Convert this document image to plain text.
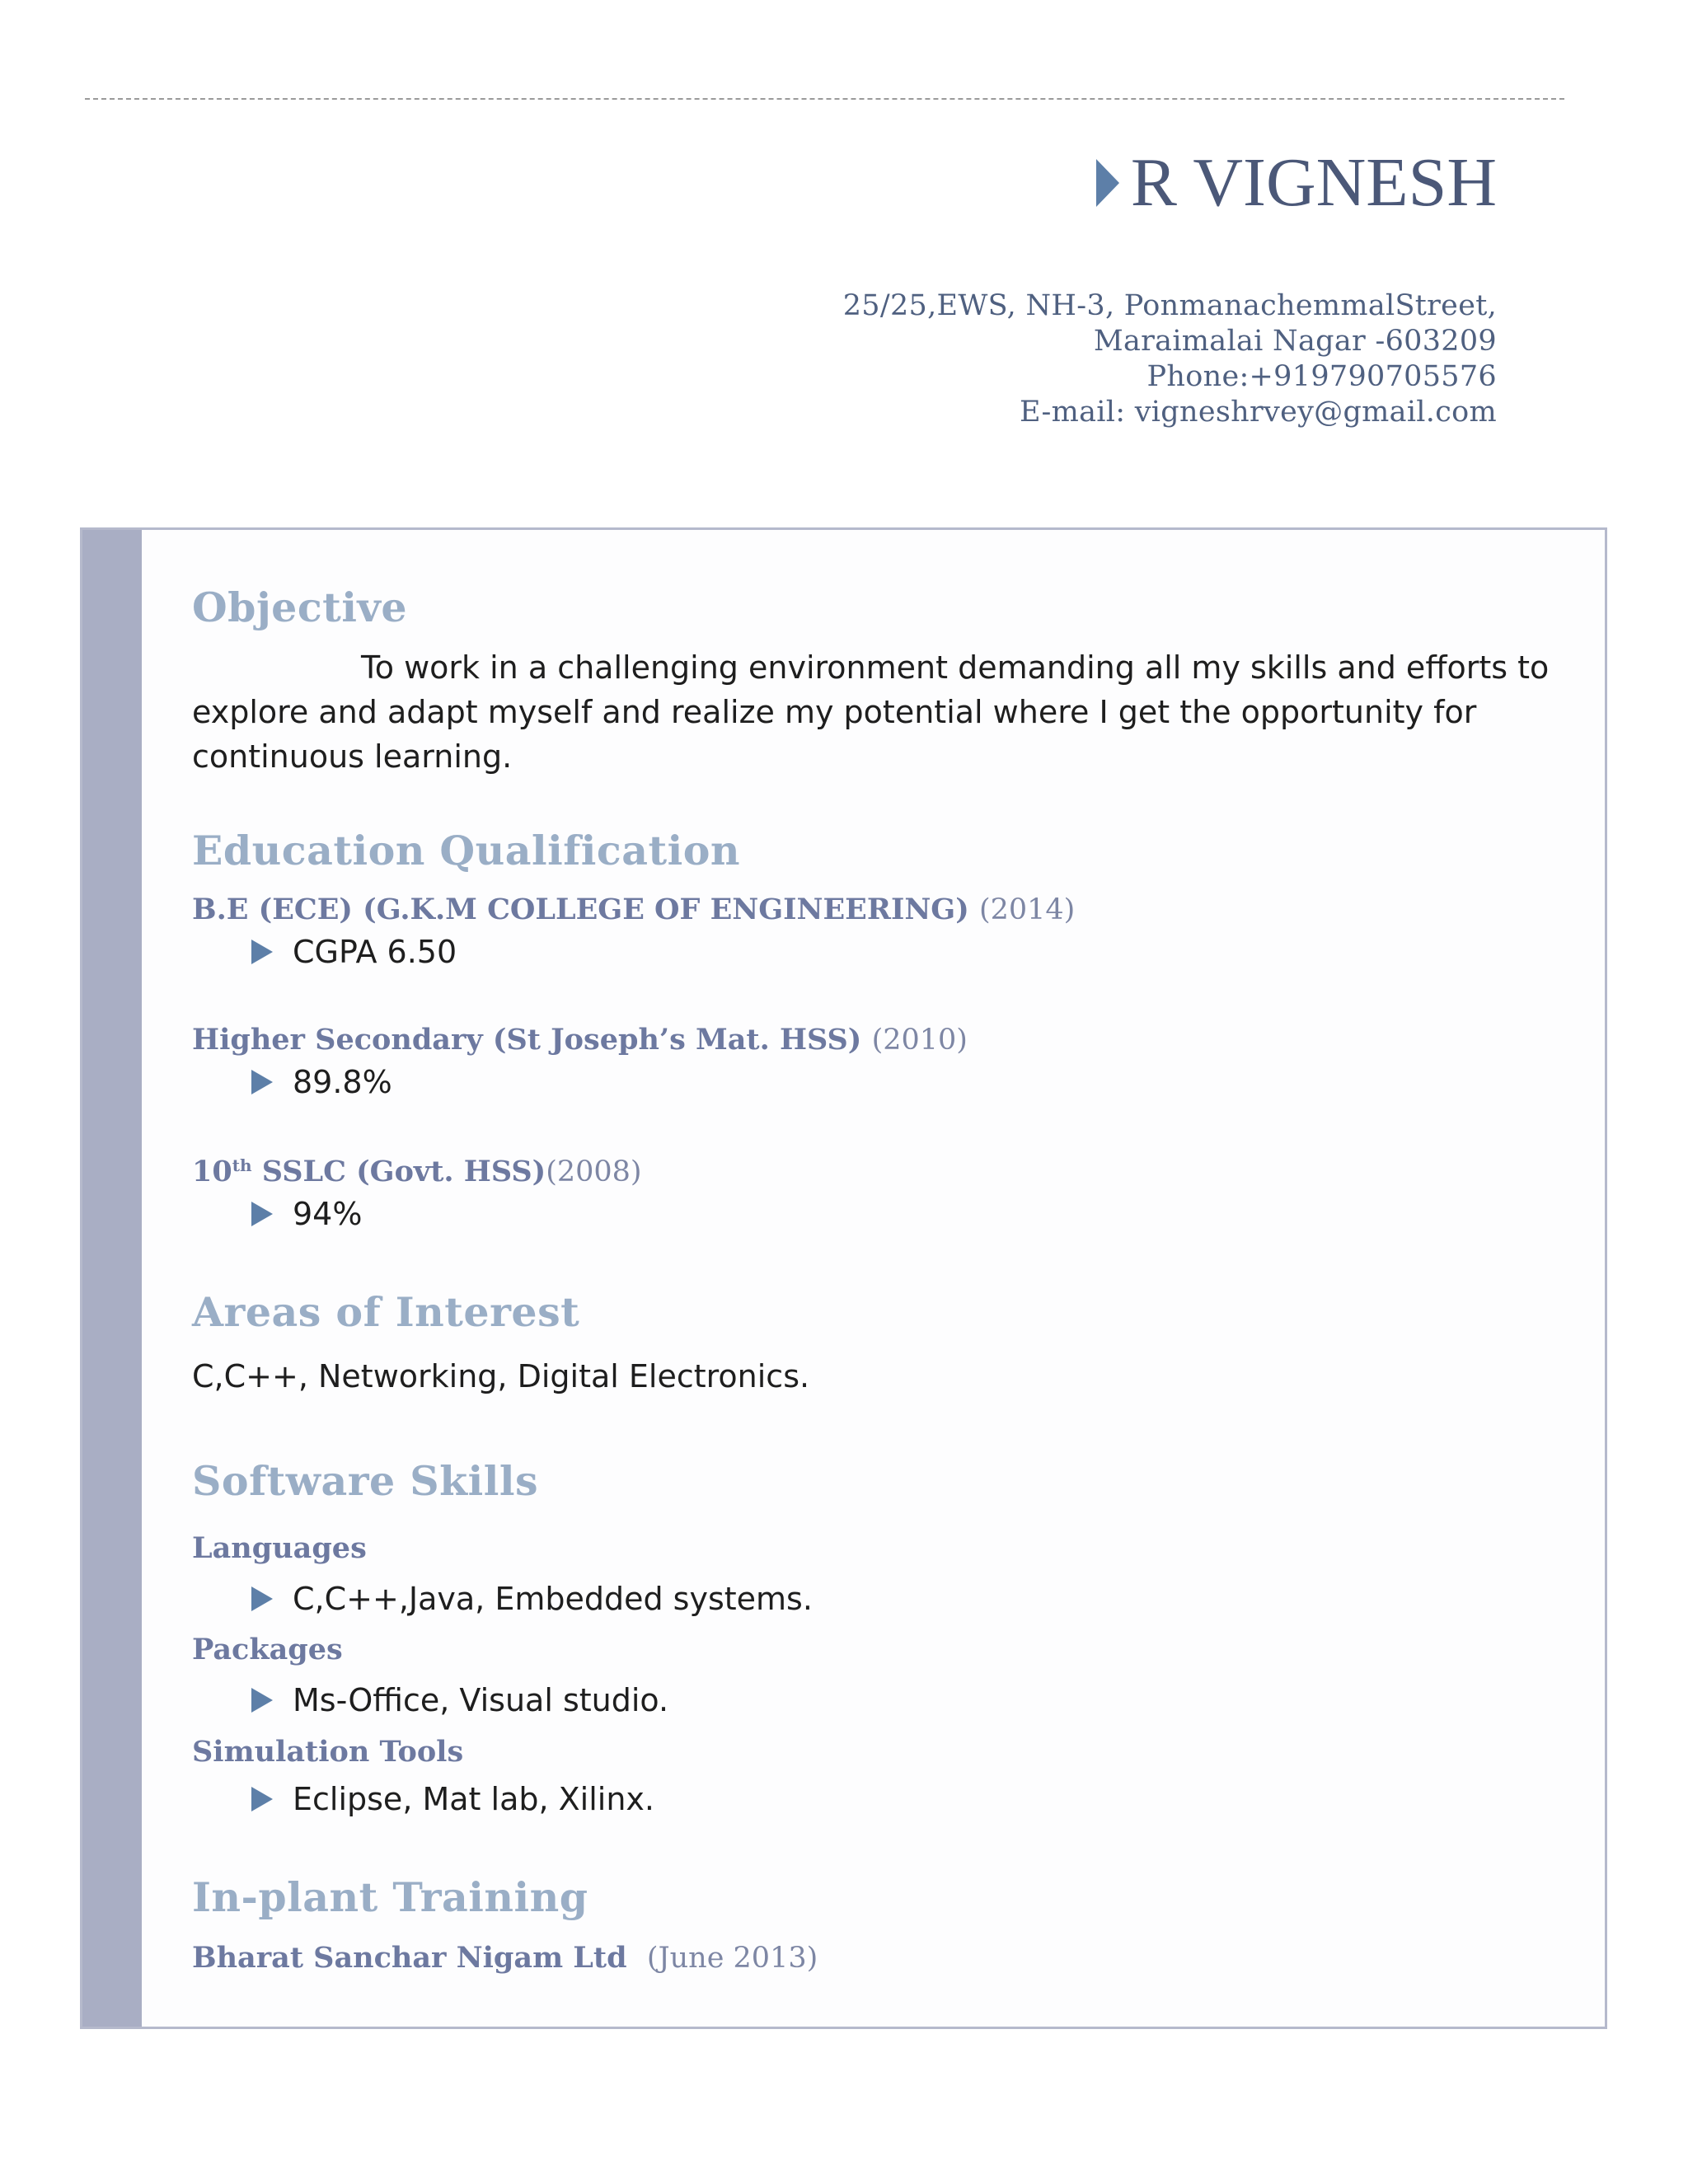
R VIGNESH
25/25,EWS, NH-3, PonmanachemmalStreet,
Maraimalai Nagar -603209
Phone:+919790705576
E-mail: vigneshrvey@gmail.com
Objective
To work in a challenging environment demanding all my skills and efforts to explore and adapt myself and realize my potential where I get the opportunity for continuous learning.
Education Qualification
B.E (ECE) (G.K.M COLLEGE OF ENGINEERING) (2014)
CGPA 6.50
Higher Secondary (St Joseph’s Mat. HSS) (2010)
89.8%
10th SSLC (Govt. HSS)(2008)
94%
Areas of Interest
C,C++, Networking, Digital Electronics.
Software Skills
Languages
C,C++,Java, Embedded systems.
Packages
Ms-Office, Visual studio.
Simulation Tools
Eclipse, Mat lab, Xilinx.
In-plant Training
Bharat Sanchar Nigam Ltd (June 2013)
